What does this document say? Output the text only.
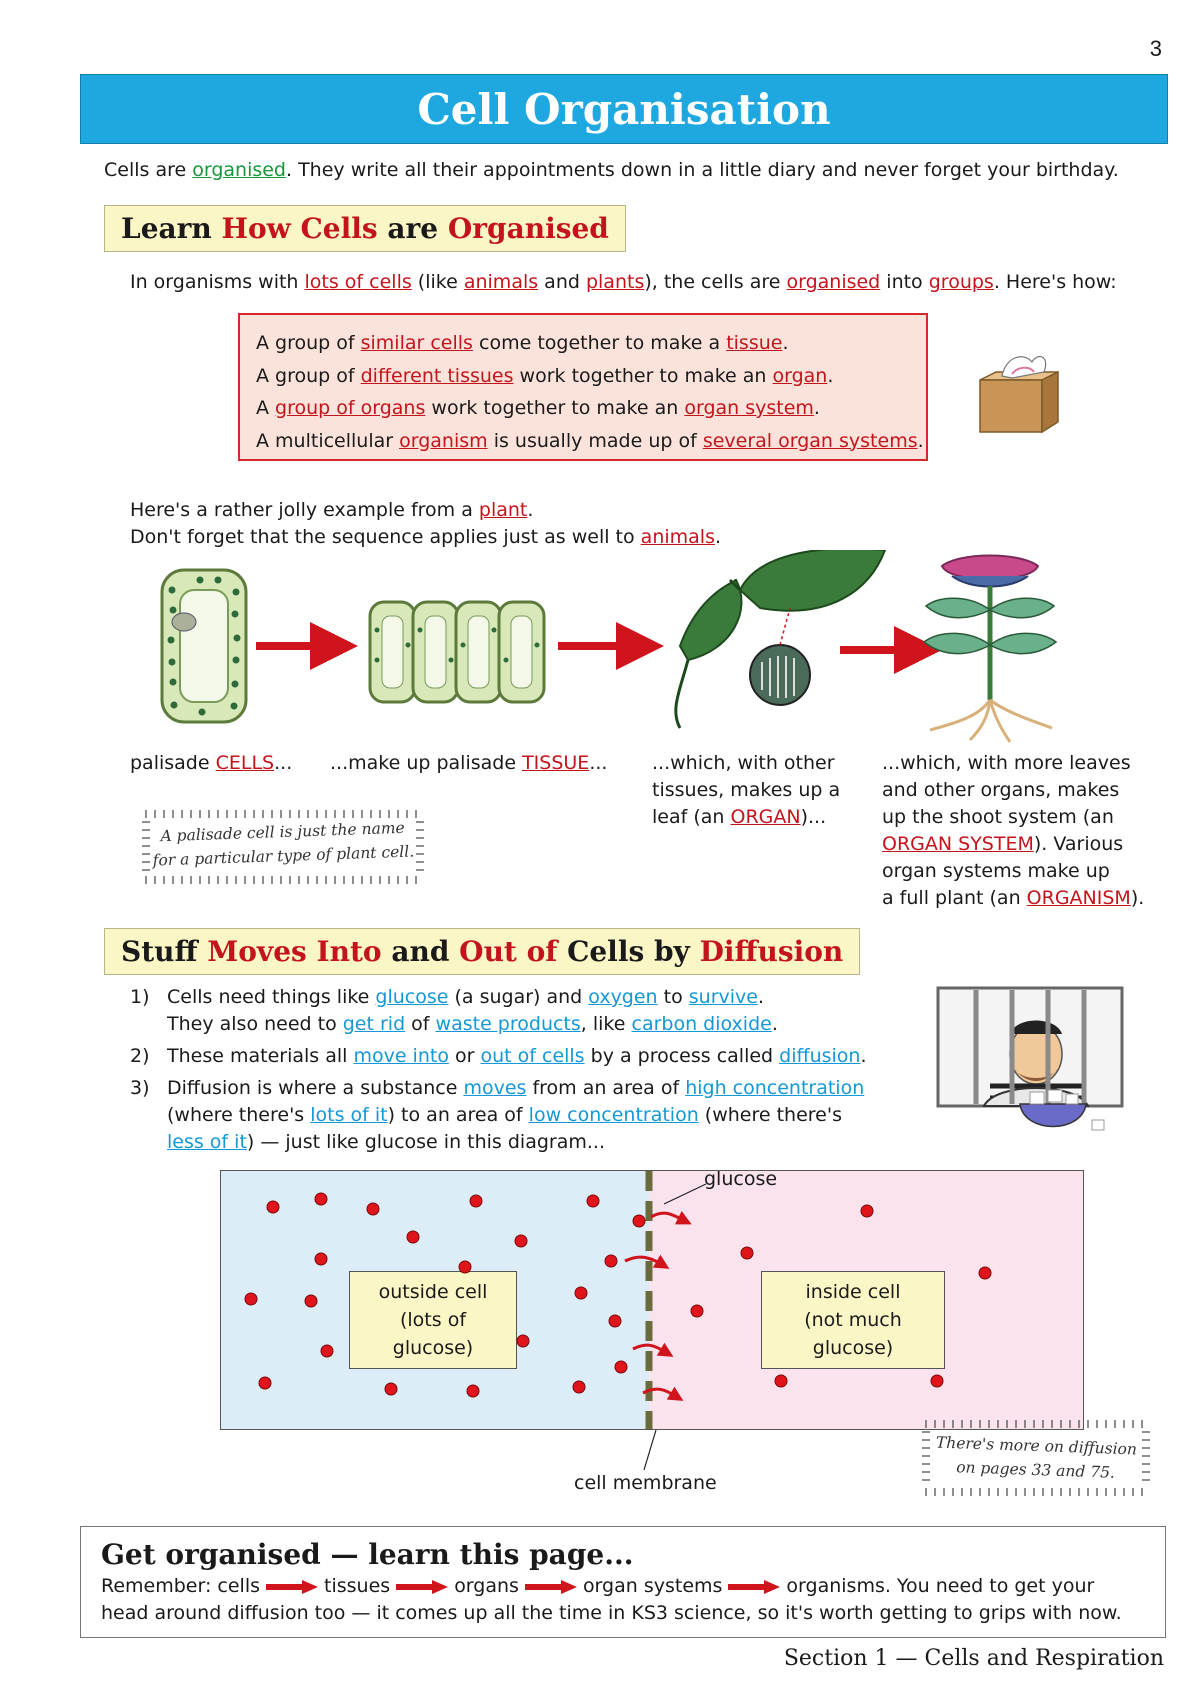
3
Cell Organisation
Cells are organised. They write all their appointments down in a little diary and never forget your birthday.
Learn How Cells are Organised
In organisms with lots of cells (like animals and plants), the cells are organised into groups. Here's how:
A group of similar cells come together to make a tissue.
A group of different tissues work together to make an organ.
A group of organs work together to make an organ system.
A multicellular organism is usually made up of several organ systems.
Here's a rather jolly example from a plant.
Don't forget that the sequence applies just as well to animals.
palisade CELLS... ...make up palisade TISSUE... ...which, with other
tissues, makes up a
leaf (an ORGAN)...
...which, with more leaves
and other organs, makes
up the shoot system (an
ORGAN SYSTEM). Various
organ systems make up
a full plant (an ORGANISM).
A palisade cell is just the name
for a particular type of plant cell.
Stuff Moves Into and Out of Cells by Diffusion
1) Cells need things like glucose (a sugar) and oxygen to survive.
They also need to get rid of waste products, like carbon dioxide.
2) These materials all move into or out of cells by a process called diffusion.
3) Diffusion is where a substance moves from an area of high concentration
(where there's lots of it) to an area of low concentration (where there's
less of it) — just like glucose in this diagram...
outside cell
(lots of glucose)
inside cell
(not much glucose)
glucose
cell membrane
There's more on diffusion
on pages 33 and 75.
Get organised — learn this page...
Remember: cells	tissues	organs	organ systems	organisms. You need to get your
head around diffusion too — it comes up all the time in KS3 science, so it's worth getting to grips with now.
Section 1 — Cells and Respiration
